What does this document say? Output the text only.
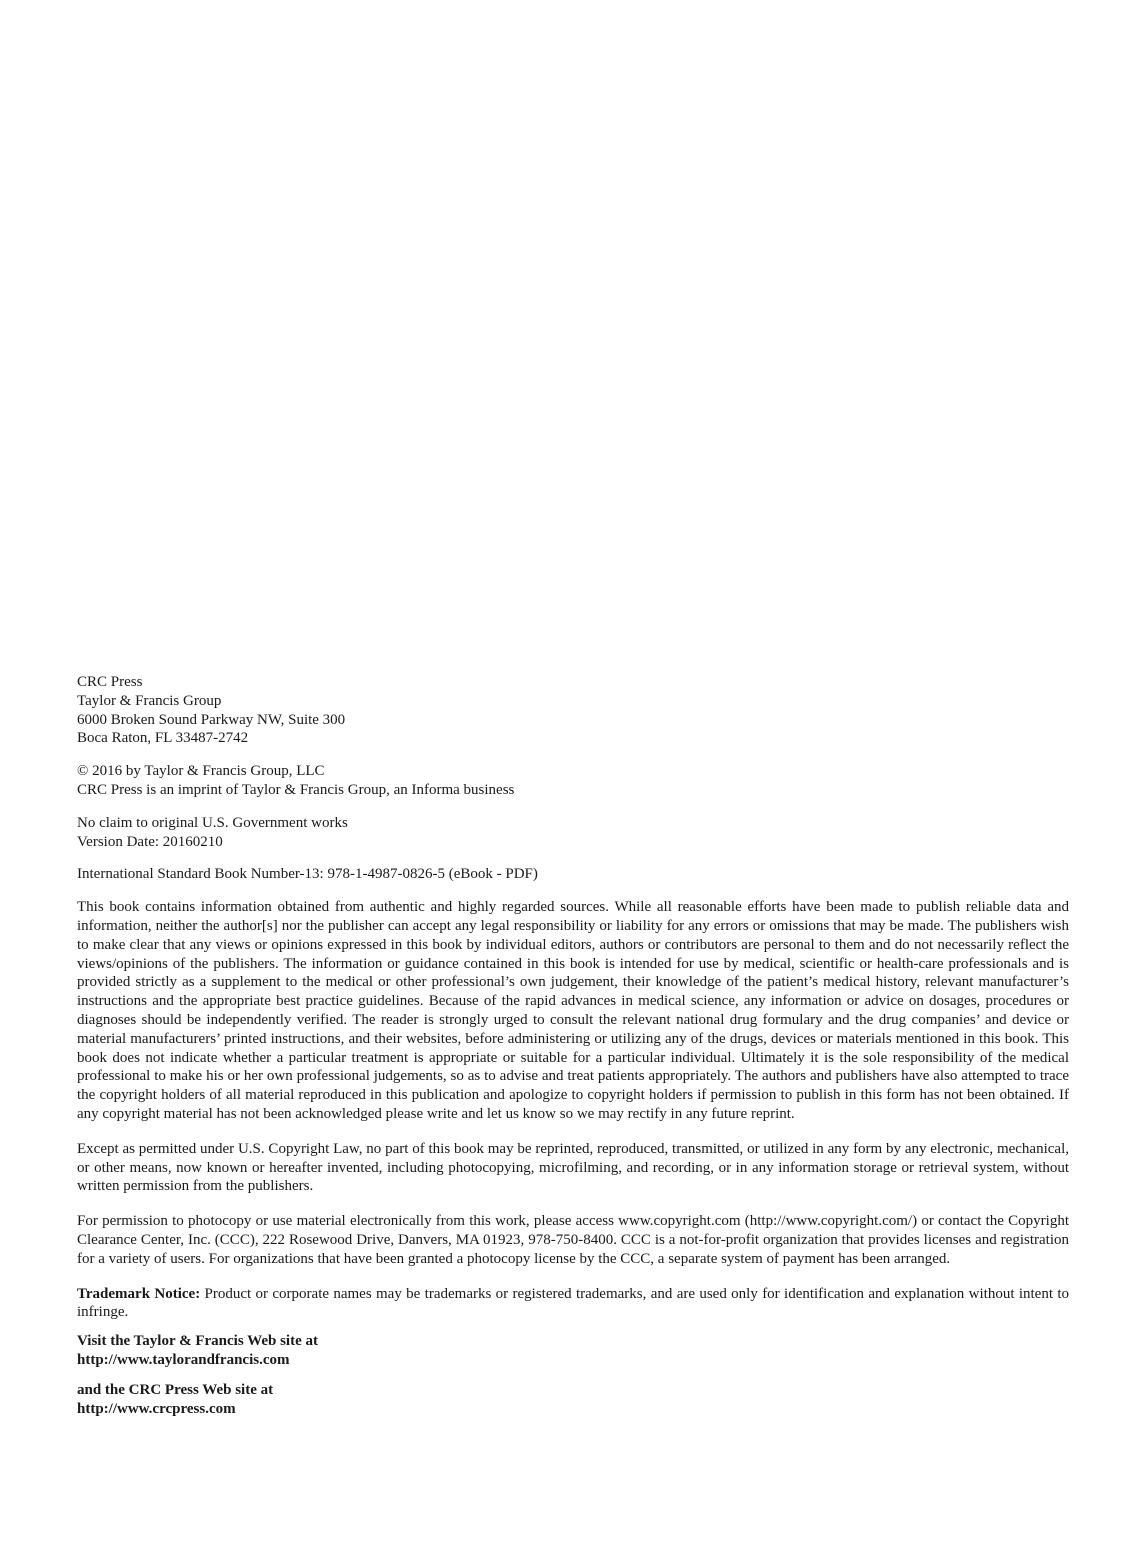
CRC Press
Taylor & Francis Group
6000 Broken Sound Parkway NW, Suite 300
Boca Raton, FL 33487-2742
© 2016 by Taylor & Francis Group, LLC
CRC Press is an imprint of Taylor & Francis Group, an Informa business
No claim to original U.S. Government works
Version Date: 20160210
International Standard Book Number-13: 978-1-4987-0826-5 (eBook - PDF)

This book contains information obtained from authentic and highly regarded sources. While all reasonable efforts have been made to publish reliable data and information, neither the author[s] nor the publisher can accept any legal responsibility or liability for any errors or omissions that may be made. The publishers wish to make clear that any views or opinions expressed in this book by individual editors, authors or contributors are personal to them and do not necessarily reflect the views/opinions of the publishers. The information or guidance contained in this book is intended for use by medical, scientific or health-care professionals and is provided strictly as a supplement to the medical or other professional’s own judgement, their knowledge of the patient’s medical history, relevant manufacturer’s instructions and the appropriate best practice guidelines. Because of the rapid advances in medical science, any information or advice on dosages, procedures or diagnoses should be independently verified. The reader is strongly urged to consult the relevant national drug formulary and the drug companies’ and device or material manufacturers’ printed instructions, and their websites, before administering or utilizing any of the drugs, devices or materials mentioned in this book. This book does not indicate whether a particular treatment is appropriate or suitable for a particular individual. Ultimately it is the sole responsibility of the medical professional to make his or her own professional judgements, so as to advise and treat patients appropriately. The authors and publishers have also attempted to trace the copyright holders of all material reproduced in this publication and apologize to copyright holders if permission to publish in this form has not been obtained. If any copyright material has not been acknowledged please write and let us know so we may rectify in any future reprint.

Except as permitted under U.S. Copyright Law, no part of this book may be reprinted, reproduced, transmitted, or utilized in any form by any electronic, mechanical, or other means, now known or hereafter invented, including photocopying, microfilming, and recording, or in any information storage or retrieval system, without written permission from the publishers.

For permission to photocopy or use material electronically from this work, please access www.copyright.com (http://www.copyright.com/) or contact the Copyright Clearance Center, Inc. (CCC), 222 Rosewood Drive, Danvers, MA 01923, 978-750-8400. CCC is a not-for-profit organization that provides licenses and registration for a variety of users. For organizations that have been granted a photocopy license by the CCC, a separate system of payment has been arranged.

Trademark Notice: Product or corporate names may be trademarks or registered trademarks, and are used only for identification and explanation without intent to infringe.

Visit the Taylor & Francis Web site at
http://www.taylorandfrancis.com
and the CRC Press Web site at
http://www.crcpress.com
